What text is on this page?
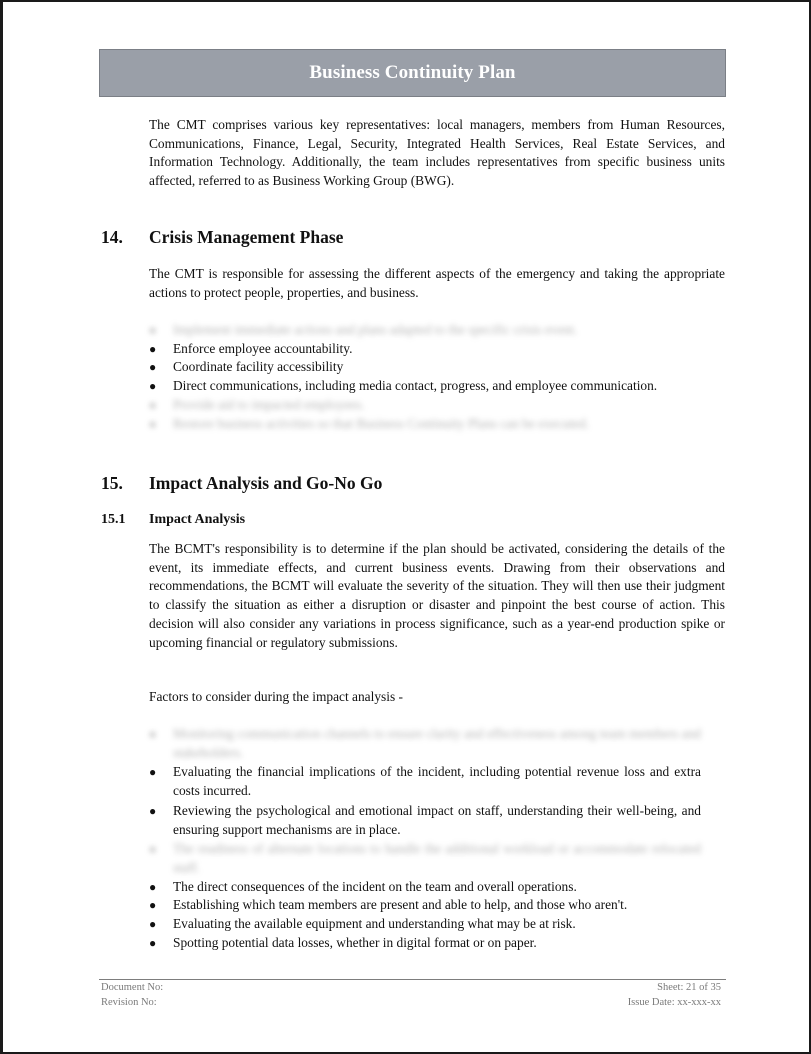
Business Continuity Plan

The CMT comprises various key representatives: local managers, members from Human Resources, Communications, Finance, Legal, Security, Integrated Health Services, Real Estate Services, and Information Technology. Additionally, the team includes representatives from specific business units affected, referred to as Business Working Group (BWG).

14. Crisis Management Phase

The CMT is responsible for assessing the different aspects of the emergency and taking the appropriate actions to protect people, properties, and business.

● Implement immediate actions and plans adapted to the specific crisis event.
● Enforce employee accountability.
● Coordinate facility accessibility
● Direct communications, including media contact, progress, and employee communication.
● Provide aid to impacted employees.
● Restore business activities so that Business Continuity Plans can be executed.
15. Impact Analysis and Go-No Go
15.1 Impact Analysis

The BCMT's responsibility is to determine if the plan should be activated, considering the details of the event, its immediate effects, and current business events. Drawing from their observations and recommendations, the BCMT will evaluate the severity of the situation. They will then use their judgment to classify the situation as either a disruption or disaster and pinpoint the best course of action. This decision will also consider any variations in process significance, such as a year-end production spike or upcoming financial or regulatory submissions.

Factors to consider during the impact analysis -

● Monitoring communication channels to ensure clarity and effectiveness among team members and stakeholders.
● Evaluating the financial implications of the incident, including potential revenue loss and extra costs incurred.
● Reviewing the psychological and emotional impact on staff, understanding their well-being, and ensuring support mechanisms are in place.
● The readiness of alternate locations to handle the additional workload or accommodate relocated staff.
● The direct consequences of the incident on the team and overall operations.
● Establishing which team members are present and able to help, and those who aren't.
● Evaluating the available equipment and understanding what may be at risk.
● Spotting potential data losses, whether in digital format or on paper.
Document No:
Revision No:
Sheet: 21 of 35
Issue Date: xx-xxx-xx
